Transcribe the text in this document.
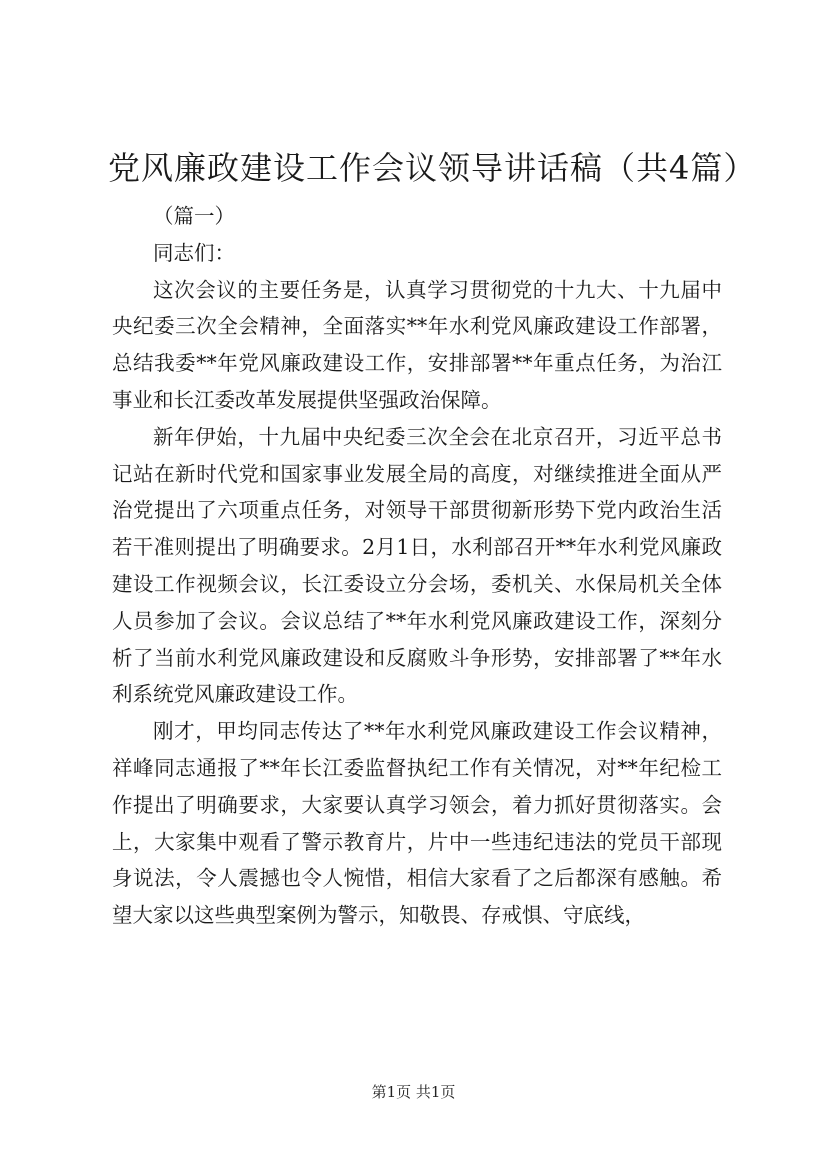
党风廉政建设工作会议领导讲话稿（共4篇）

（篇一）

同志们：

这次会议的主要任务是，认真学习贯彻党的十九大、十九届中央纪委三次全会精神，全面落实**年水利党风廉政建设工作部署，总结我委**年党风廉政建设工作，安排部署**年重点任务，为治江事业和长江委改革发展提供坚强政治保障。

新年伊始，十九届中央纪委三次全会在北京召开，习近平总书记站在新时代党和国家事业发展全局的高度，对继续推进全面从严治党提出了六项重点任务，对领导干部贯彻新形势下党内政治生活若干准则提出了明确要求。2月1日，水利部召开**年水利党风廉政建设工作视频会议，长江委设立分会场，委机关、水保局机关全体人员参加了会议。会议总结了**年水利党风廉政建设工作，深刻分析了当前水利党风廉政建设和反腐败斗争形势，安排部署了**年水利系统党风廉政建设工作。

刚才，甲均同志传达了**年水利党风廉政建设工作会议精神，祥峰同志通报了**年长江委监督执纪工作有关情况，对**年纪检工作提出了明确要求，大家要认真学习领会，着力抓好贯彻落实。会上，大家集中观看了警示教育片，片中一些违纪违法的党员干部现身说法，令人震撼也令人惋惜，相信大家看了之后都深有感触。希望大家以这些典型案例为警示，知敬畏、存戒惧、守底线，

第1页 共1页
